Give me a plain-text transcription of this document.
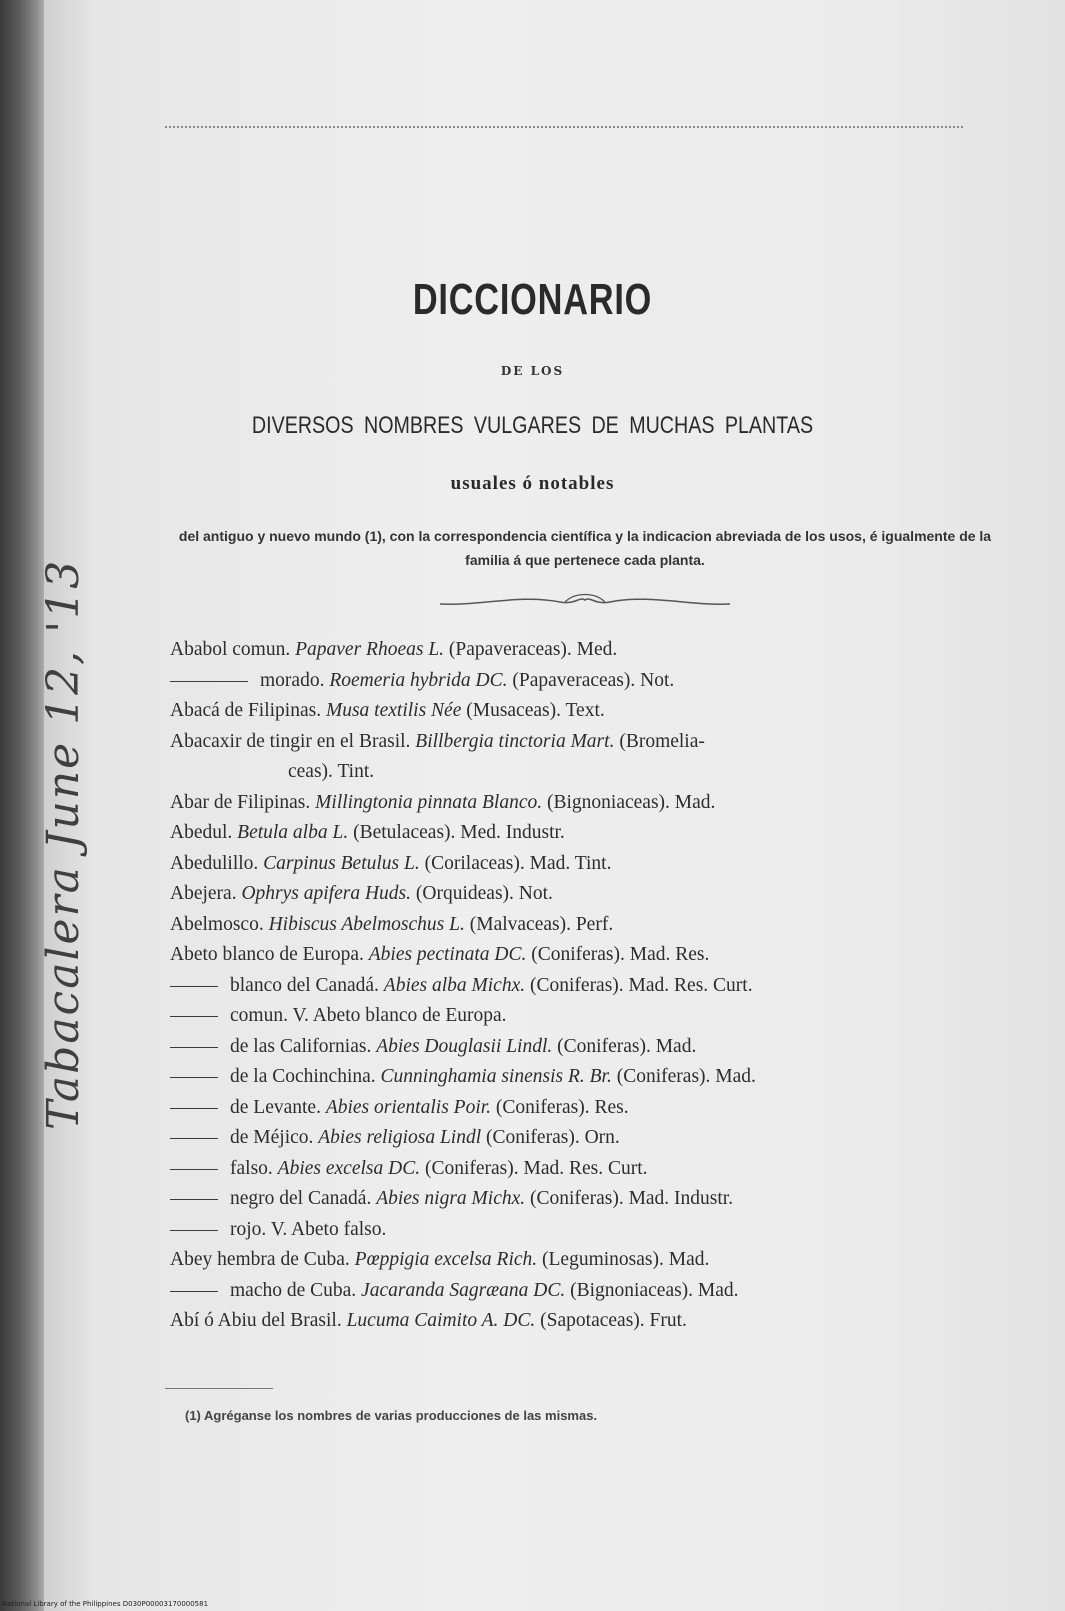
DICCIONARIO
DE LOS
DIVERSOS NOMBRES VULGARES DE MUCHAS PLANTAS
usuales ó notables
del antiguo y nuevo mundo (1), con la correspondencia científica y la indicacion abreviada de los usos, é igualmente de la familia á que pertenece cada planta.
Ababol comun. Papaver Rhoeas L. (Papaveraceas). Med.
morado. Roemeria hybrida DC. (Papaveraceas). Not.
Abacá de Filipinas. Musa textilis Née (Musaceas). Text.
Abacaxir de tingir en el Brasil. Billbergia tinctoria Mart. (Bromelia-
ceas). Tint.
Abar de Filipinas. Millingtonia pinnata Blanco. (Bignoniaceas). Mad.
Abedul. Betula alba L. (Betulaceas). Med. Industr.
Abedulillo. Carpinus Betulus L. (Corilaceas). Mad. Tint.
Abejera. Ophrys apifera Huds. (Orquideas). Not.
Abelmosco. Hibiscus Abelmoschus L. (Malvaceas). Perf.
Abeto blanco de Europa. Abies pectinata DC. (Coniferas). Mad. Res.
blanco del Canadá. Abies alba Michx. (Coniferas). Mad. Res. Curt.
comun. V. Abeto blanco de Europa.
de las Californias. Abies Douglasii Lindl. (Coniferas). Mad.
de la Cochinchina. Cunninghamia sinensis R. Br. (Coniferas). Mad.
de Levante. Abies orientalis Poir. (Coniferas). Res.
de Méjico. Abies religiosa Lindl (Coniferas). Orn.
falso. Abies excelsa DC. (Coniferas). Mad. Res. Curt.
negro del Canadá. Abies nigra Michx. (Coniferas). Mad. Industr.
rojo. V. Abeto falso.
Abey hembra de Cuba. Pœppigia excelsa Rich. (Leguminosas). Mad.
macho de Cuba. Jacaranda Sagræana DC. (Bignoniaceas). Mad.
Abí ó Abiu del Brasil. Lucuma Caimito A. DC. (Sapotaceas). Frut.
(1) Agréganse los nombres de varias producciones de las mismas.
Tabacalera June 12, '13
National Library of the Philippines D030P00003170000581
